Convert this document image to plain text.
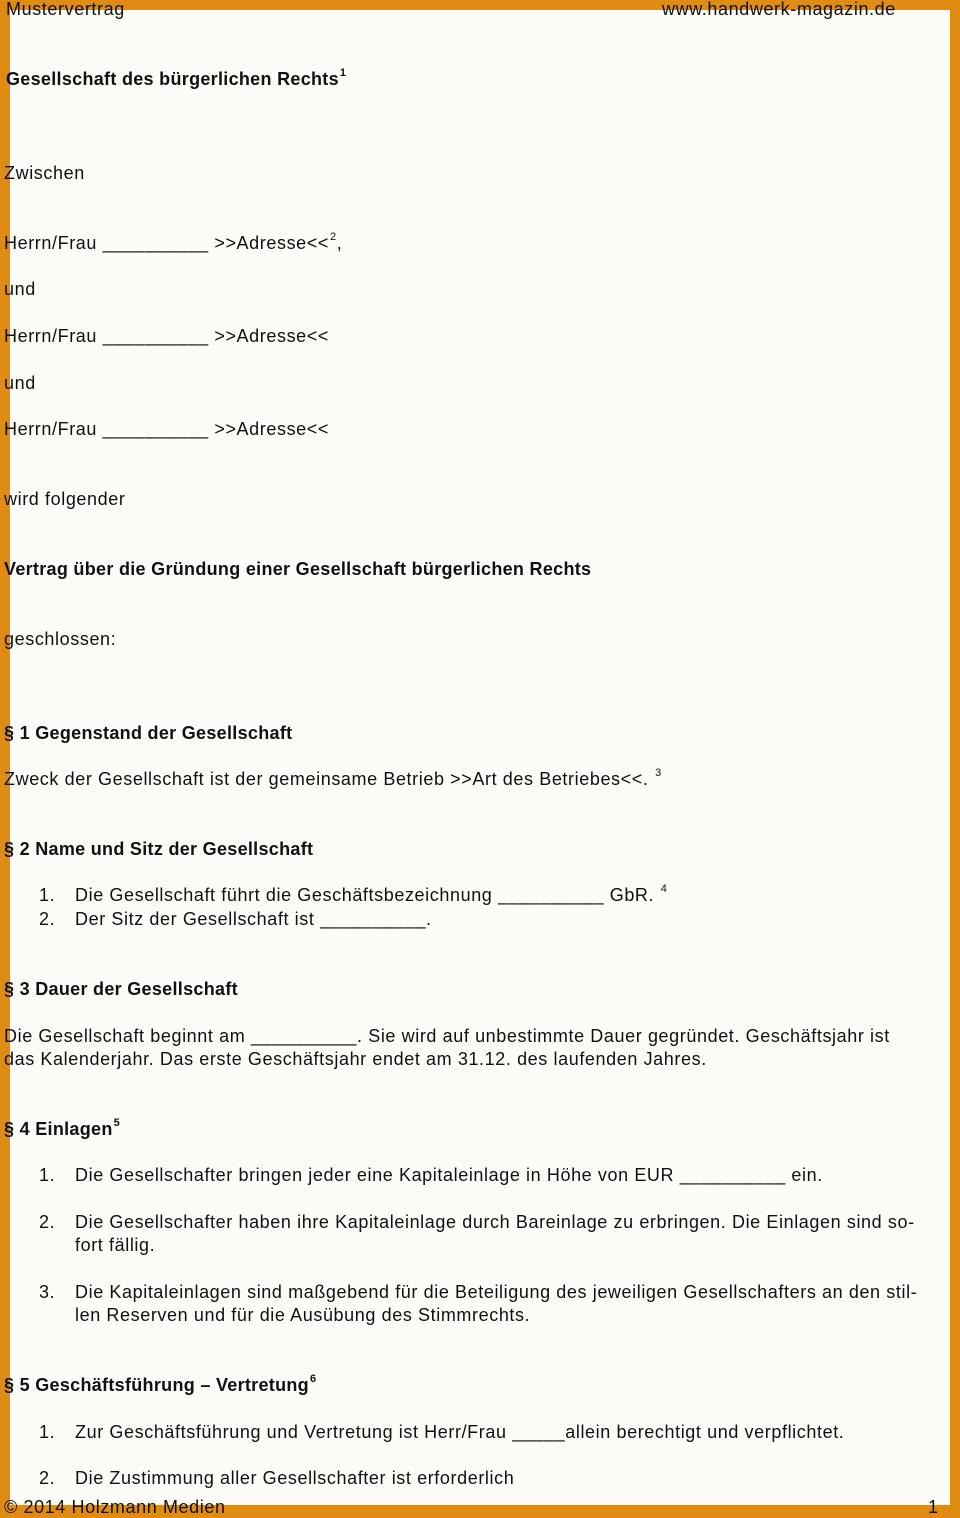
Mustervertrag	www.handwerk-magazin.de
Gesellschaft des bürgerlichen Rechts$^1$
Zwischen
Herrn/Frau __________ >>Adresse<<$^2$,
und
Herrn/Frau __________ >>Adresse<<
und
Herrn/Frau __________ >>Adresse<<
wird folgender
Vertrag über die Gründung einer Gesellschaft bürgerlichen Rechts
geschlossen:
§ 1 Gegenstand der Gesellschaft
Zweck der Gesellschaft ist der gemeinsame Betrieb >>Art des Betriebes<<. $^3$
§ 2 Name und Sitz der Gesellschaft
1. Die Gesellschaft führt die Geschäftsbezeichnung __________ GbR. $^4$
2. Der Sitz der Gesellschaft ist __________.
§ 3 Dauer der Gesellschaft
Die Gesellschaft beginnt am __________. Sie wird auf unbestimmte Dauer gegründet. Geschäftsjahr ist
das Kalenderjahr. Das erste Geschäftsjahr endet am 31.12. des laufenden Jahres.
§ 4 Einlagen$^5$
1. Die Gesellschafter bringen jeder eine Kapitaleinlage in Höhe von EUR __________ ein.
2. Die Gesellschafter haben ihre Kapitaleinlage durch Bareinlage zu erbringen. Die Einlagen sind so-
fort fällig.
3. Die Kapitaleinlagen sind maßgebend für die Beteiligung des jeweiligen Gesellschafters an den stil-
len Reserven und für die Ausübung des Stimmrechts.
§ 5 Geschäftsführung – Vertretung$^6$
1. Zur Geschäftsführung und Vertretung ist Herr/Frau _____allein berechtigt und verpflichtet.
2. Die Zustimmung aller Gesellschafter ist erforderlich
© 2014 Holzmann Medien	1
